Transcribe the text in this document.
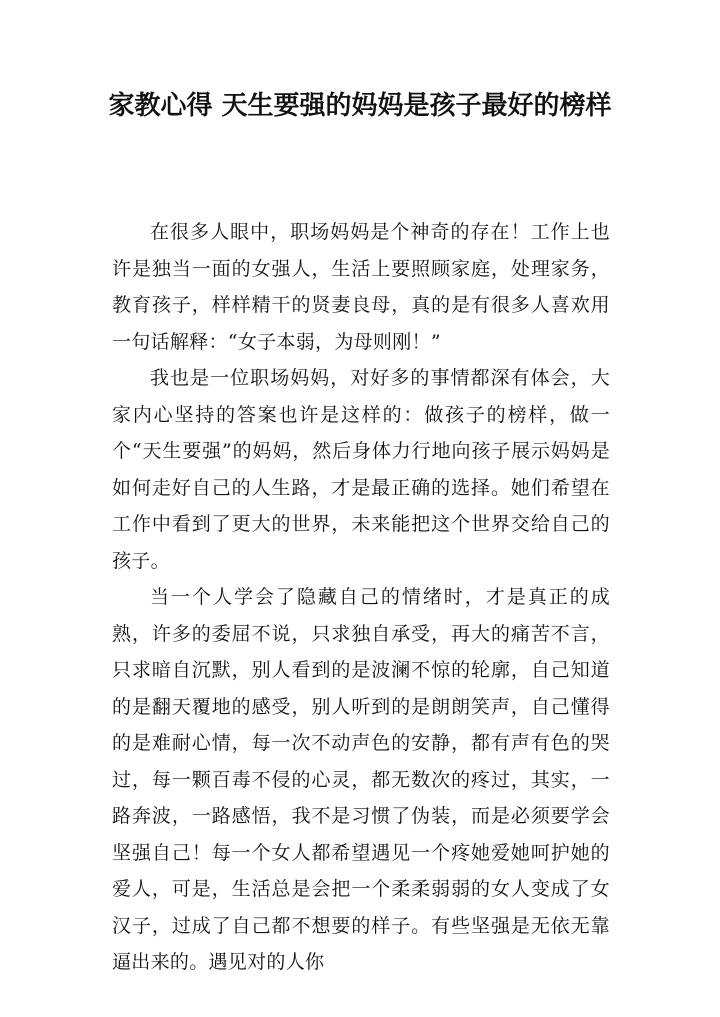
家教心得 天生要强的妈妈是孩子最好的榜样

在很多人眼中，职场妈妈是个神奇的存在！工作上也许是独当一面的女强人，生活上要照顾家庭，处理家务，教育孩子，样样精干的贤妻良母，真的是有很多人喜欢用一句话解释：“女子本弱，为母则刚！”

我也是一位职场妈妈，对好多的事情都深有体会，大家内心坚持的答案也许是这样的：做孩子的榜样，做一个“天生要强”的妈妈，然后身体力行地向孩子展示妈妈是如何走好自己的人生路，才是最正确的选择。她们希望在工作中看到了更大的世界，未来能把这个世界交给自己的孩子。

当一个人学会了隐藏自己的情绪时，才是真正的成熟，许多的委屈不说，只求独自承受，再大的痛苦不言，只求暗自沉默，别人看到的是波澜不惊的轮廓，自己知道的是翻天覆地的感受，别人听到的是朗朗笑声，自己懂得的是难耐心情，每一次不动声色的安静，都有声有色的哭过，每一颗百毒不侵的心灵，都无数次的疼过，其实，一路奔波，一路感悟，我不是习惯了伪装，而是必须要学会坚强自己！每一个女人都希望遇见一个疼她爱她呵护她的爱人，可是，生活总是会把一个柔柔弱弱的女人变成了女汉子，过成了自己都不想要的样子。有些坚强是无依无靠逼出来的。遇见对的人你
